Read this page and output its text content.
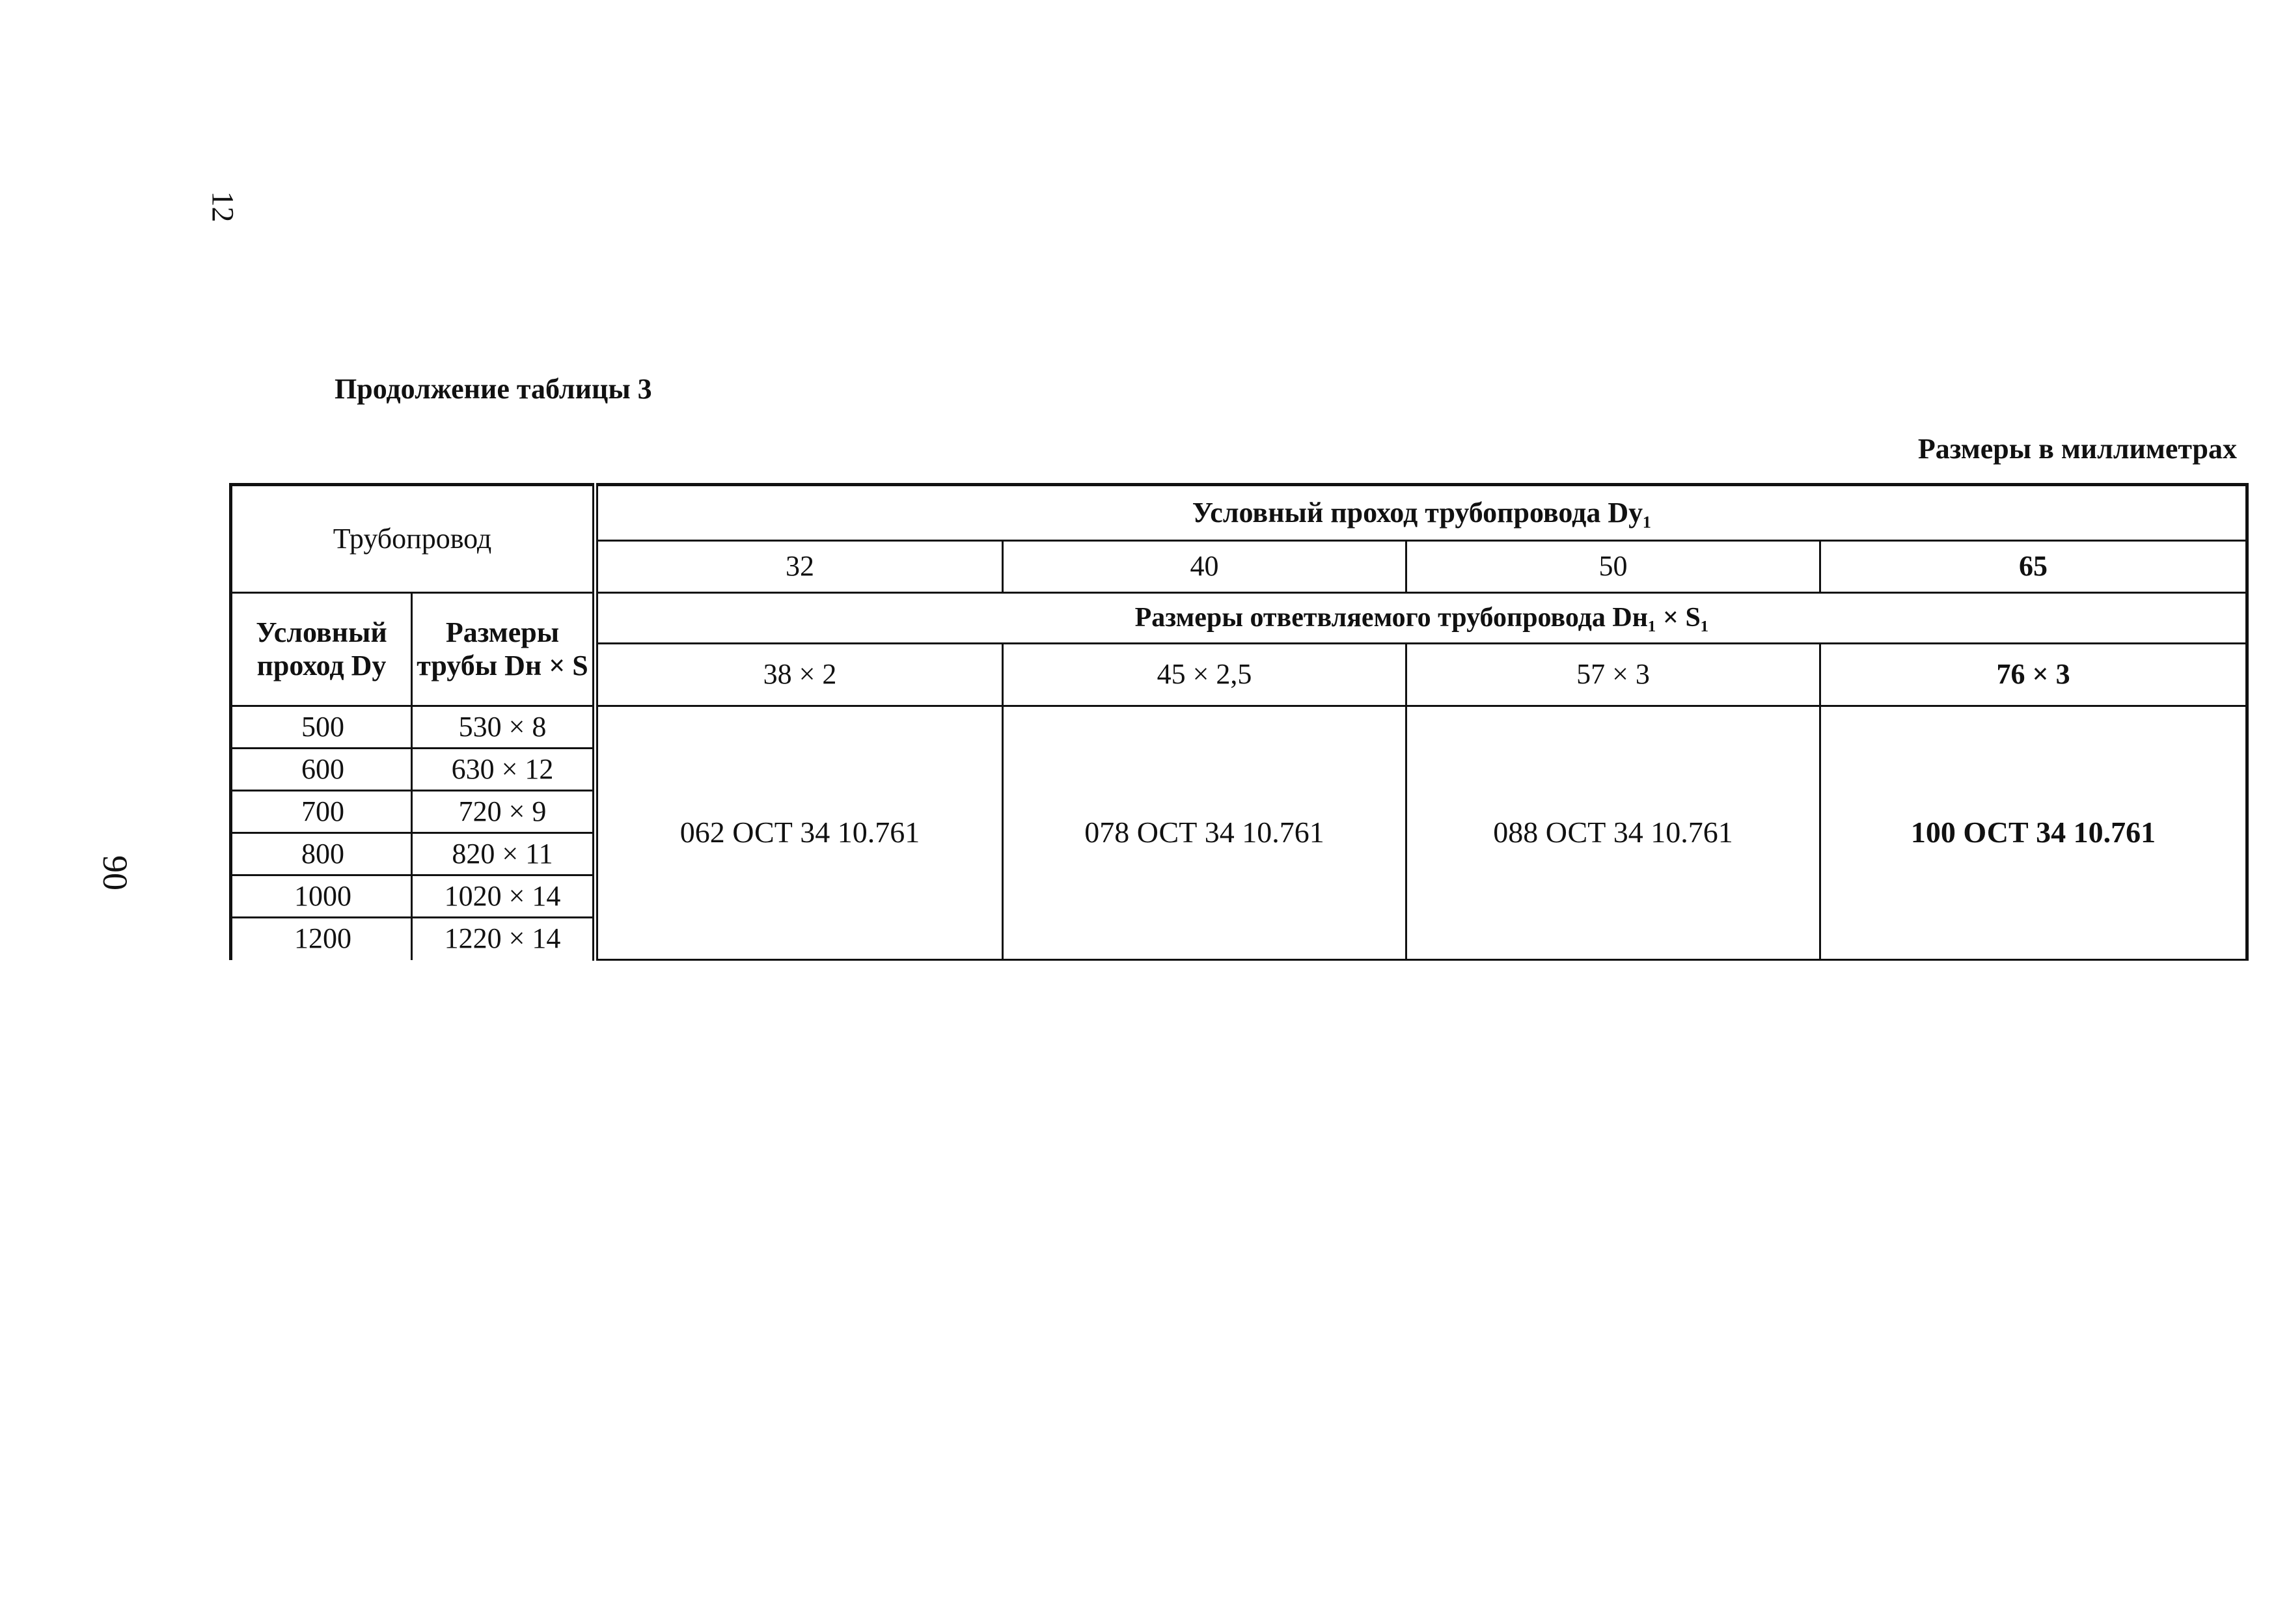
12
90
Продолжение таблицы 3
Размеры в миллиметрах
Трубопровод		Условный проход трубопровода Dy₁			
		32	40	50	65
Условный проход Dy	Размеры трубы Dн × S	Размеры ответвляемого трубопровода Dн₁ × S₁			
		38 × 2	45 × 2,5	57 × 3	76 × 3
500	530 × 8	062 ОСТ 34 10.761	078 ОСТ 34 10.761	088 ОСТ 34 10.761	100 ОСТ 34 10.761
600	630 × 12				
700	720 × 9				
800	820 × 11				
1000	1020 × 14				
1200	1220 × 14				
